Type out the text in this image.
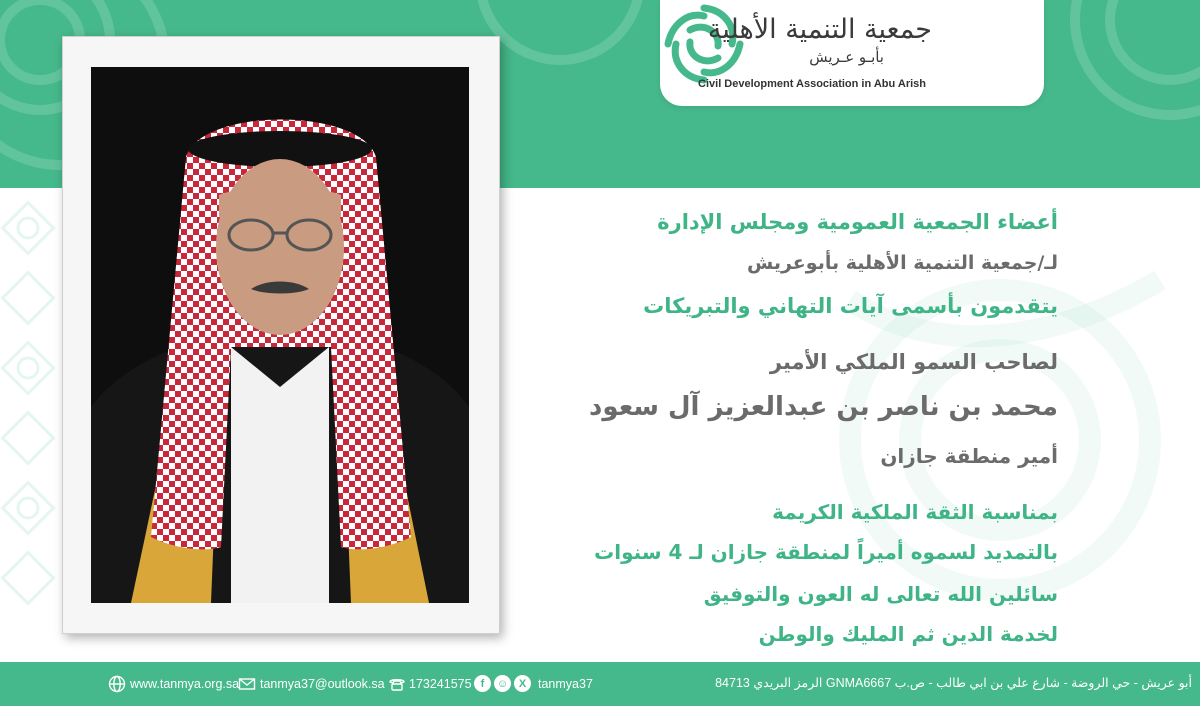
جمعية التنمية الأهلية
بأبـو عـريش
Civil Development Association in Abu Arish
أعضاء الجمعية العمومية ومجلس الإدارة
لـ/جمعية التنمية الأهلية بأبوعريش
يتقدمون بأسمى آيات التهاني والتبريكات
لصاحب السمو الملكي الأمير
محمد بن ناصر بن عبدالعزيز آل سعود
أمير منطقة جازان
بمناسبة الثقة الملكية الكريمة
بالتمديد لسموه أميراً لمنطقة جازان لـ 4 سنوات
سائلين الله تعالى له العون والتوفيق
لخدمة الدين ثم المليك والوطن
www.tanmya.org.sa tanmya37@outlook.sa 173241575 f	☺ X tanmya37	أبو عريش - حي الروضة - شارع علي بن ابي طالب - ص.ب GNMA6667 الرمز البريدي 84713
